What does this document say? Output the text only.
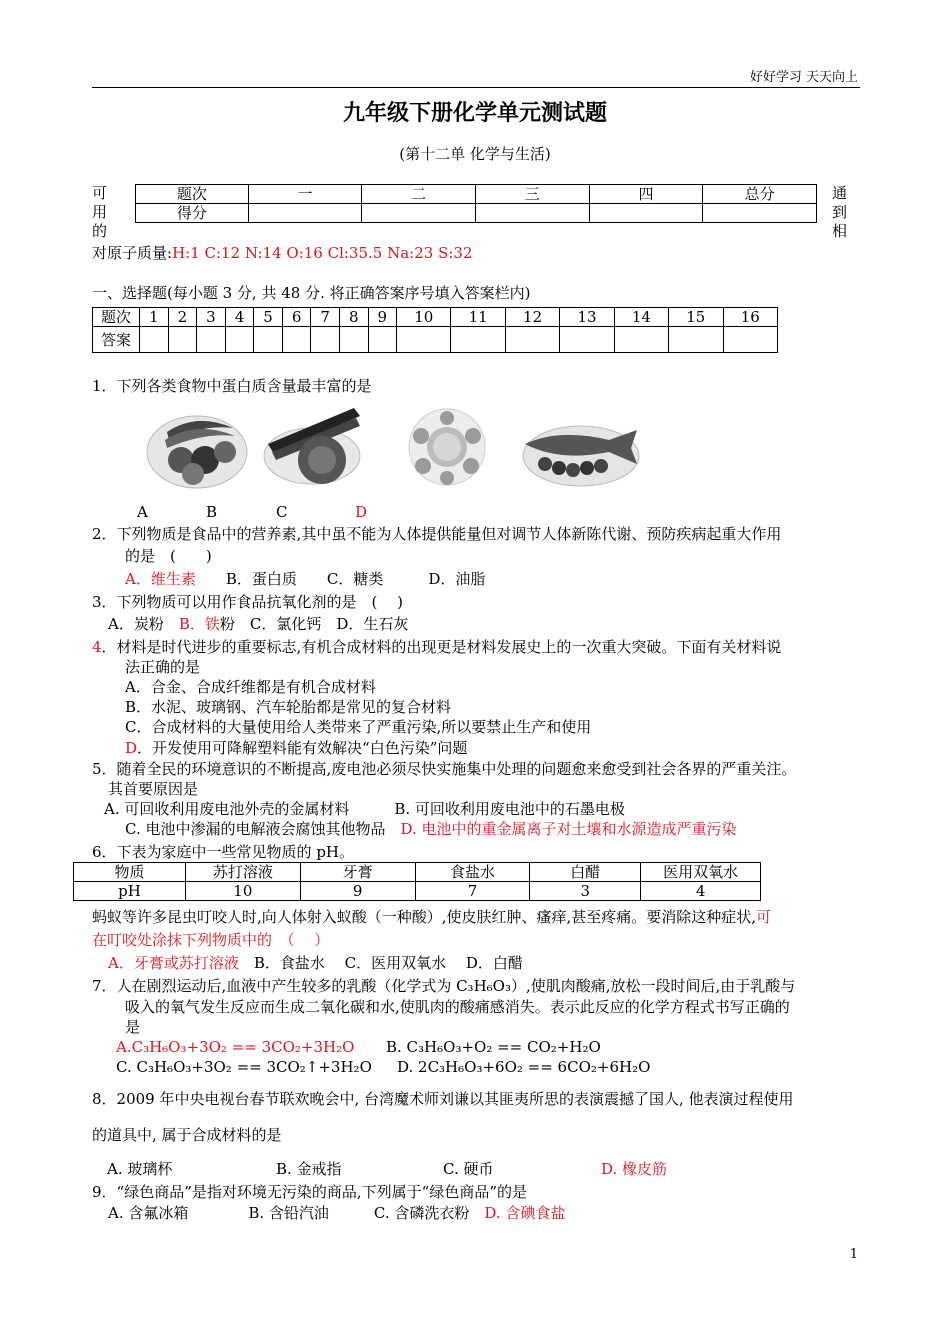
好好学习 天天向上
九年级下册化学单元测试题
(第十二单 化学与生活)
可
用
的
题次	一	二	三	四	总分
得分					
通
到
相
对原子质量:H:1 C:12 N:14 O:16 Cl:35.5 Na:23 S:32
一、选择题(每小题 3 分, 共 48 分. 将正确答案序号填入答案栏内)
题次	1	2	3	4	5	6	7	8	9	10	11	12	13	14	15	16
答案																
1．下列各类食物中蛋白质含量最丰富的是
A	B	C	D
2．下列物质是食品中的营养素,其中虽不能为人体提供能量但对调节人体新陈代谢、预防疾病起重大作用
的是　(　　)
A．维生素　　B．蛋白质　　C．糖类　　　D．油脂
3．下列物质可以用作食品抗氧化剂的是　(　 )
A．炭粉　B．铁粉　C．氯化钙　D．生石灰
4．材料是时代进步的重要标志,有机合成材料的出现更是材料发展史上的一次重大突破。下面有关材料说
法正确的是
A．合金、合成纤维都是有机合成材料
B．水泥、玻璃钢、汽车轮胎都是常见的复合材料
C．合成材料的大量使用给人类带来了严重污染,所以要禁止生产和使用
D．开发使用可降解塑料能有效解决“白色污染”问题
5．随着全民的环境意识的不断提高,废电池必须尽快实施集中处理的问题愈来愈受到社会各界的严重关注。
其首要原因是
A. 可回收利用废电池外壳的金属材料　　　B. 可回收利用废电池中的石墨电极
C. 电池中渗漏的电解液会腐蚀其他物品　D. 电池中的重金属离子对土壤和水源造成严重污染
6．下表为家庭中一些常见物质的 pH。
物质	苏打溶液	牙膏	食盐水	白醋	医用双氧水
pH	10	9	7	3	4
蚂蚁等许多昆虫叮咬人时,向人体射入蚁酸（一种酸）,使皮肤红肿、瘙痒,甚至疼痛。要消除这种症状,可
在叮咬处涂抹下列物质中的　（　 ）
A．牙膏或苏打溶液　B．食盐水　 C．医用双氧水　 D．白醋
7．人在剧烈运动后,血液中产生较多的乳酸（化学式为 C₃H₆O₃）,使肌肉酸痛,放松一段时间后,由于乳酸与
吸入的氧气发生反应而生成二氧化碳和水,使肌肉的酸痛感消失。表示此反应的化学方程式书写正确的
是
A.C₃H₆O₃+3O₂ == 3CO₂+3H₂O B. C₃H₆O₃+O₂ == CO₂+H₂O
C. C₃H₆O₃+3O₂ == 3CO₂↑+3H₂O D. 2C₃H₆O₃+6O₂ == 6CO₂+6H₂O
8．2009 年中央电视台春节联欢晚会中, 台湾魔术师刘谦以其匪夷所思的表演震撼了国人, 他表演过程使用
的道具中, 属于合成材料的是
A. 玻璃杯	B. 金戒指	C. 硬币	D. 橡皮筋
9．“绿色商品”是指对环境无污染的商品,下列属于“绿色商品”的是
A. 含氟冰箱　　　　B. 含铅汽油　　　C. 含磷洗衣粉　D. 含碘食盐
1
